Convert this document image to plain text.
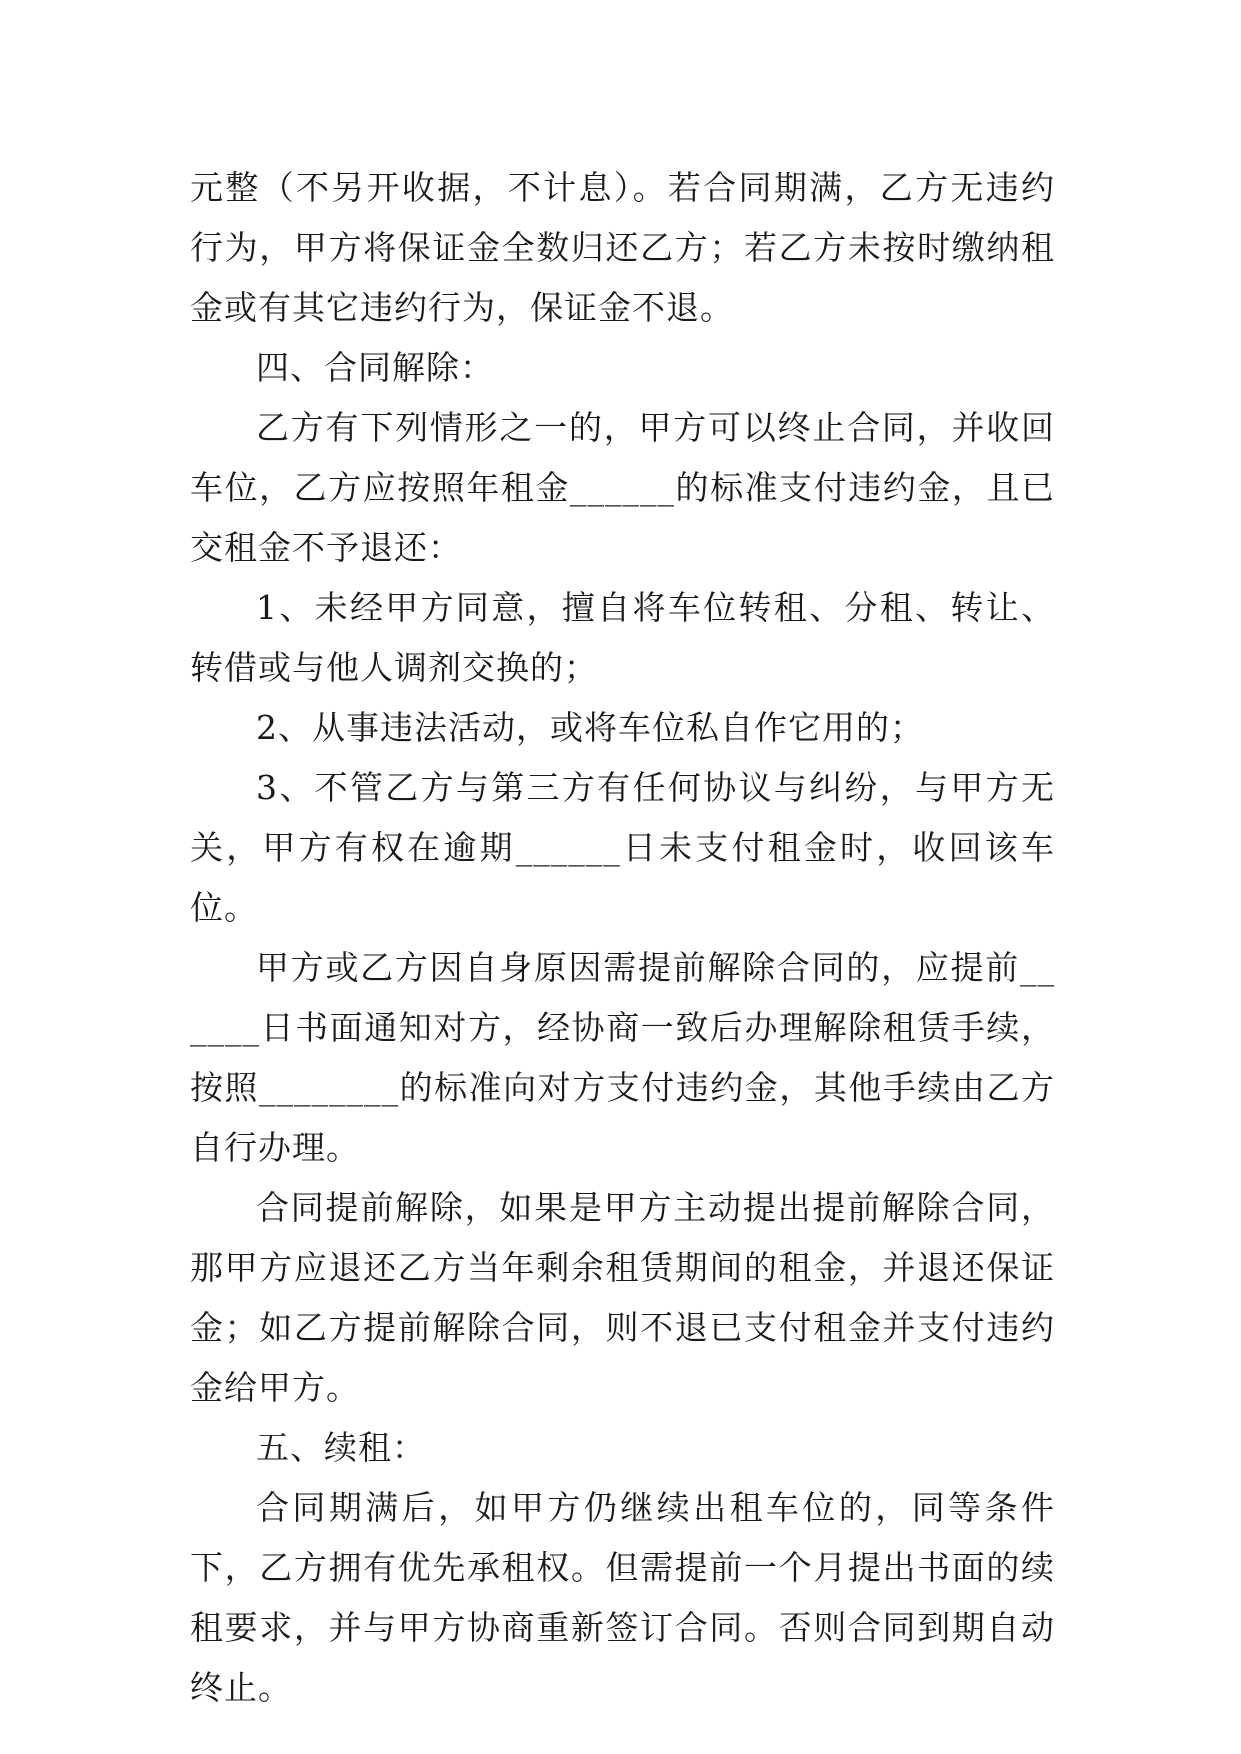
元整（不另开收据，不计息）。若合同期满，乙方无违约行为，甲方将保证金全数归还乙方；若乙方未按时缴纳租金或有其它违约行为，保证金不退。

四、合同解除：

乙方有下列情形之一的，甲方可以终止合同，并收回车位，乙方应按照年租金______的标准支付违约金，且已交租金不予退还：

1、未经甲方同意，擅自将车位转租、分租、转让、转借或与他人调剂交换的；

2、从事违法活动，或将车位私自作它用的；

3、不管乙方与第三方有任何协议与纠纷，与甲方无关，甲方有权在逾期______日未支付租金时，收回该车位。

甲方或乙方因自身原因需提前解除合同的，应提前______日书面通知对方，经协商一致后办理解除租赁手续，按照________的标准向对方支付违约金，其他手续由乙方自行办理。

合同提前解除，如果是甲方主动提出提前解除合同，那甲方应退还乙方当年剩余租赁期间的租金，并退还保证金；如乙方提前解除合同，则不退已支付租金并支付违约金给甲方。

五、续租：

合同期满后，如甲方仍继续出租车位的，同等条件下，乙方拥有优先承租权。但需提前一个月提出书面的续租要求，并与甲方协商重新签订合同。否则合同到期自动终止。
